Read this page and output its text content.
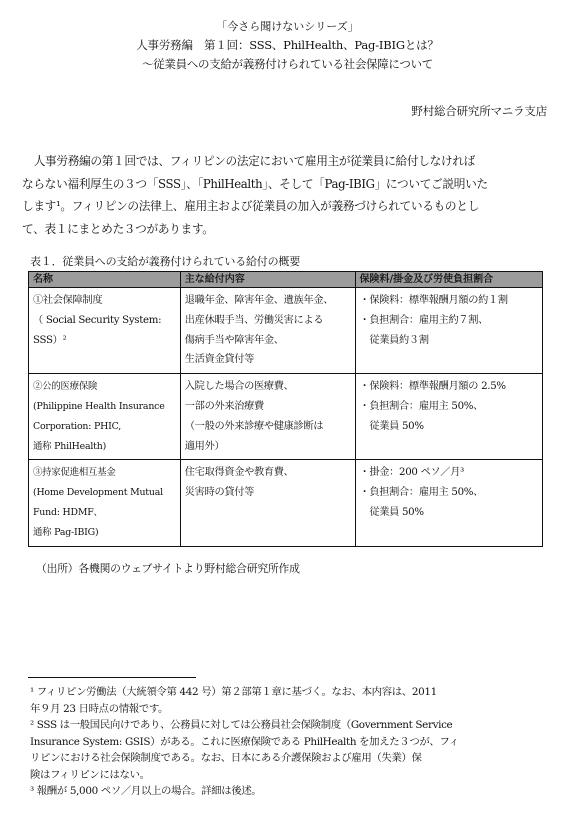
「今さら聞けないシリーズ」
人事労務編　第１回：SSS、PhilHealth、Pag-IBIGとは？
～従業員への支給が義務付けられている社会保障について
野村総合研究所マニラ支店
人事労務編の第１回では、フィリピンの法定において雇用主が従業員に給付しなければ
ならない福利厚生の３つ「SSS」、「PhilHealth」、そして「Pag-IBIG」についてご説明いた
します¹。フィリピンの法律上、雇用主および従業員の加入が義務づけられているものとし
て、表１にまとめた３つがあります。
表１．従業員への支給が義務付けられている給付の概要
名称	主な給付内容	保険料/掛金及び労使負担割合

①社会保障制度
（ Social Security System:
SSS）²	退職年金、障害年金、遺族年金、
出産休暇手当、労働災害による
傷病手当や障害年金、
生活資金貸付等	・保険料：標準報酬月額の約１割
・負担割合：雇用主約７割、
　従業員約３割

②公的医療保険
(Philippine Health Insurance
Corporation: PHIC,
通称 PhilHealth)	入院した場合の医療費、
一部の外来治療費
（一般の外来診療や健康診断は
適用外）	・保険料：標準報酬月額の 2.5%
・負担割合：雇用主 50%、
　従業員 50%

③持家促進相互基金
(Home Development Mutual
Fund: HDMF、
通称 Pag-IBIG)	住宅取得資金や教育費、
災害時の貸付等	・掛金：200 ペソ／月³
・負担割合：雇用主 50%、
　従業員 50%
（出所）各機関のウェブサイトより野村総合研究所作成
¹ フィリピン労働法（大統領令第 442 号）第２部第１章に基づく。なお、本内容は、2011
年９月 23 日時点の情報です。
² SSS は一般国民向けであり、公務員に対しては公務員社会保険制度（Government Service
Insurance System: GSIS）がある。これに医療保険である PhilHealth を加えた３つが、フィ
リピンにおける社会保険制度である。なお、日本にある介護保険および雇用（失業）保
険はフィリピンにはない。
³ 報酬が 5,000 ペソ／月以上の場合。詳細は後述。
